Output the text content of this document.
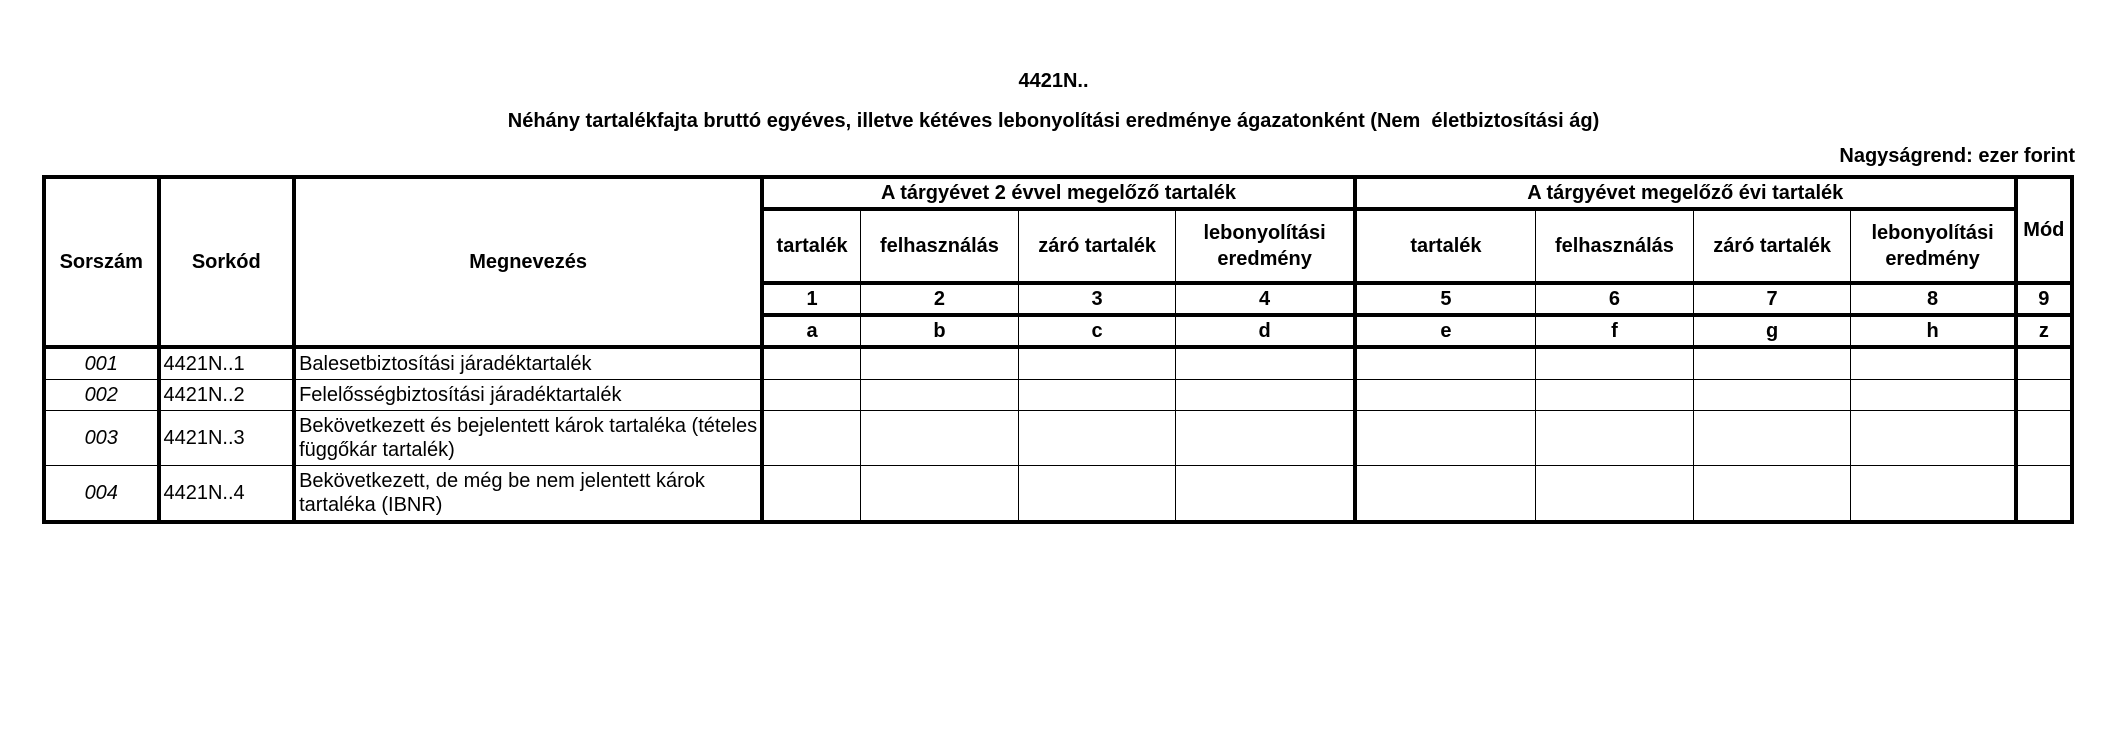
4421N..
Néhány tartalékfajta bruttó egyéves, illetve kétéves lebonyolítási eredménye ágazatonként (Nem  életbiztosítási ág)
Nagyságrend: ezer forint
Sorszám	Sorkód	Megnevezés	A tárgyévet 2 évvel megelőző tartalék				A tárgyévet megelőző évi tartalék				Mód
			tartalék	felhasználás	záró tartalék	lebonyolítási eredmény	tartalék	felhasználás	záró tartalék	lebonyolítási eredmény	
			1	2	3	4	5	6	7	8	9
			a	b	c	d	e	f	g	h	z
001	4421N..1	Balesetbiztosítási járadéktartalék									
002	4421N..2	Felelősségbiztosítási járadéktartalék									
003	4421N..3	Bekövetkezett és bejelentett károk tartaléka (tételes függőkár tartalék)									
004	4421N..4	Bekövetkezett, de még be nem jelentett károk tartaléka (IBNR)									
